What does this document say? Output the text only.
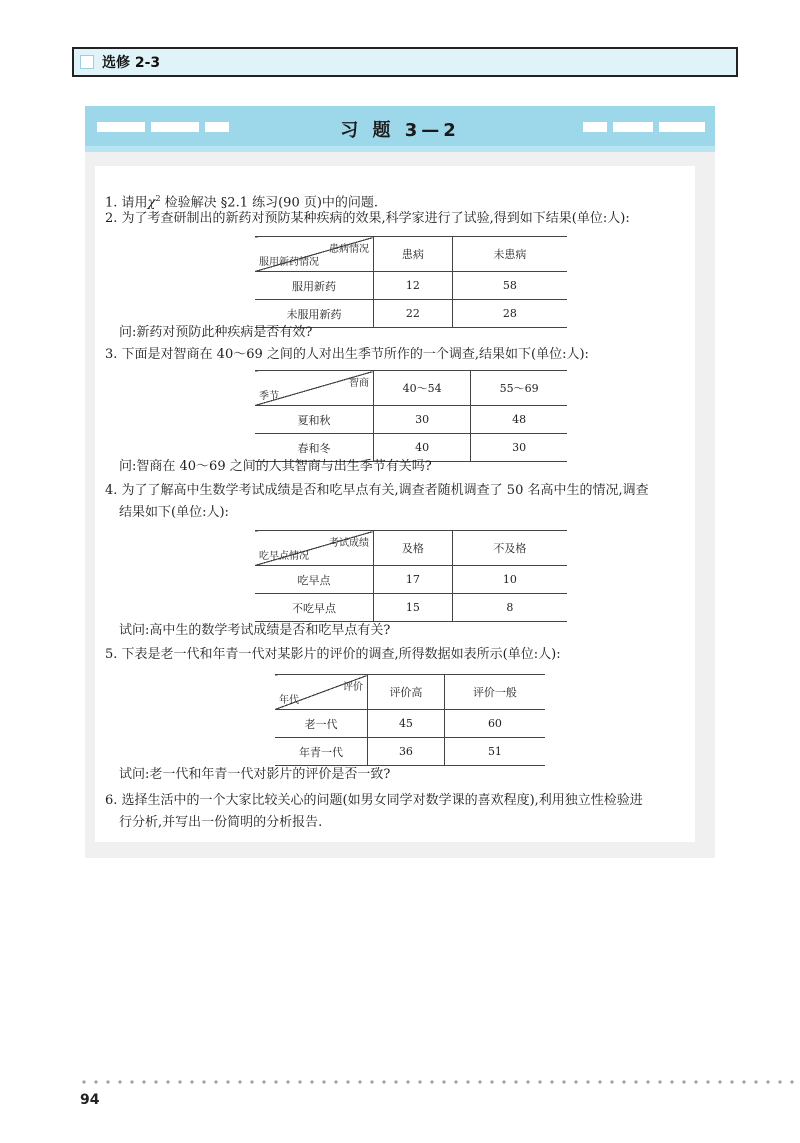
选修 2-3
习 题 3—2
1. 请用$\chi^2$ 检验解决 §2.1 练习(90 页)中的问题.
2. 为了考查研制出的新药对预防某种疾病的效果,科学家进行了试验,得到如下结果(单位:人):
患病情况
服用新药情况	患病	未患病
服用新药	12	58
未服用新药	22	28
问:新药对预防此种疾病是否有效?
3. 下面是对智商在 40～69 之间的人对出生季节所作的一个调查,结果如下(单位:人):
智商
季节	40～54	55～69
夏和秋	30	48
春和冬	40	30
问:智商在 40～69 之间的人其智商与出生季节有关吗?
4. 为了了解高中生数学考试成绩是否和吃早点有关,调查者随机调查了 50 名高中生的情况,调查
结果如下(单位:人):
考试成绩
吃早点情况	及格	不及格
吃早点	17	10
不吃早点	15	8
试问:高中生的数学考试成绩是否和吃早点有关?
5. 下表是老一代和年青一代对某影片的评价的调查,所得数据如表所示(单位:人):
评价
年代	评价高	评价一般
老一代	45	60
年青一代	36	51
试问:老一代和年青一代对影片的评价是否一致?
6. 选择生活中的一个大家比较关心的问题(如男女同学对数学课的喜欢程度),利用独立性检验进
行分析,并写出一份简明的分析报告.
94
